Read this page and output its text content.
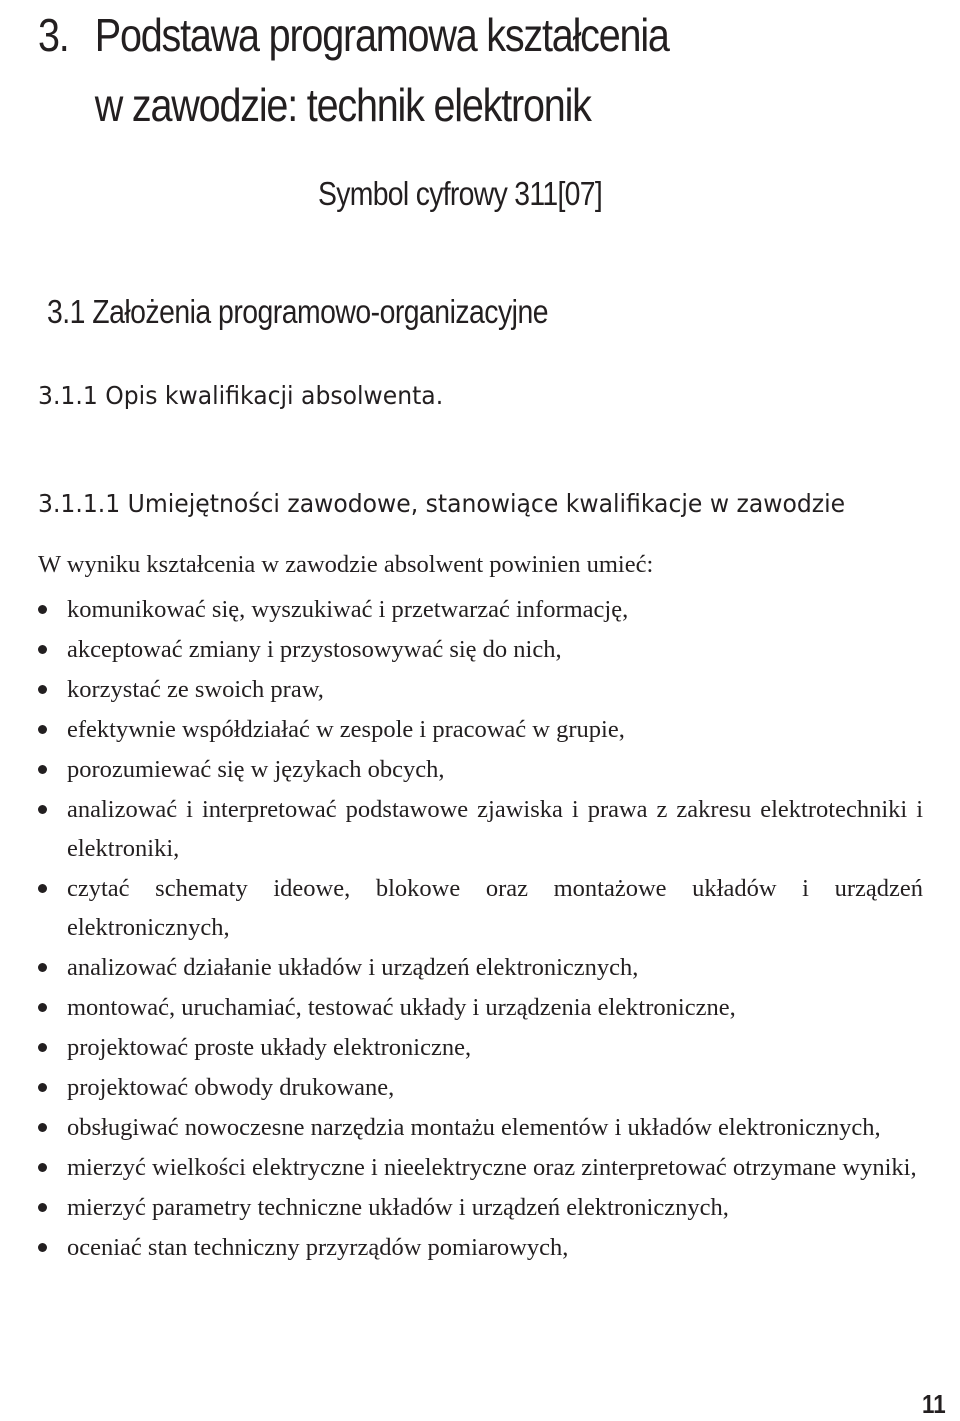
3. Podstawa programowa kształcenia
w zawodzie: technik elektronik

Symbol cyfrowy 311[07]

3.1 Założenia programowo-organizacyjne
3.1.1 Opis kwalifikacji absolwenta.
3.1.1.1 Umiejętności zawodowe, stanowiące kwalifikacje w zawodzie

W wyniku kształcenia w zawodzie absolwent powinien umieć:

komunikować się, wyszukiwać i przetwarzać informację,
akceptować zmiany i przystosowywać się do nich,
korzystać ze swoich praw,
efektywnie współdziałać w zespole i pracować w grupie,
porozumiewać się w językach obcych,
analizować i interpretować podstawowe zjawiska i prawa z zakresu elektrotechniki i elektroniki,
czytać schematy ideowe, blokowe oraz montażowe układów i urządzeń elektronicznych,
analizować działanie układów i urządzeń elektronicznych,
montować, uruchamiać, testować układy i urządzenia elektroniczne,
projektować proste układy elektroniczne,
projektować obwody drukowane,
obsługiwać nowoczesne narzędzia montażu elementów i układów elektronicznych,
mierzyć wielkości elektryczne i nieelektryczne oraz zinterpretować otrzymane wyniki,
mierzyć parametry techniczne układów i urządzeń elektronicznych,
oceniać stan techniczny przyrządów pomiarowych,

11
